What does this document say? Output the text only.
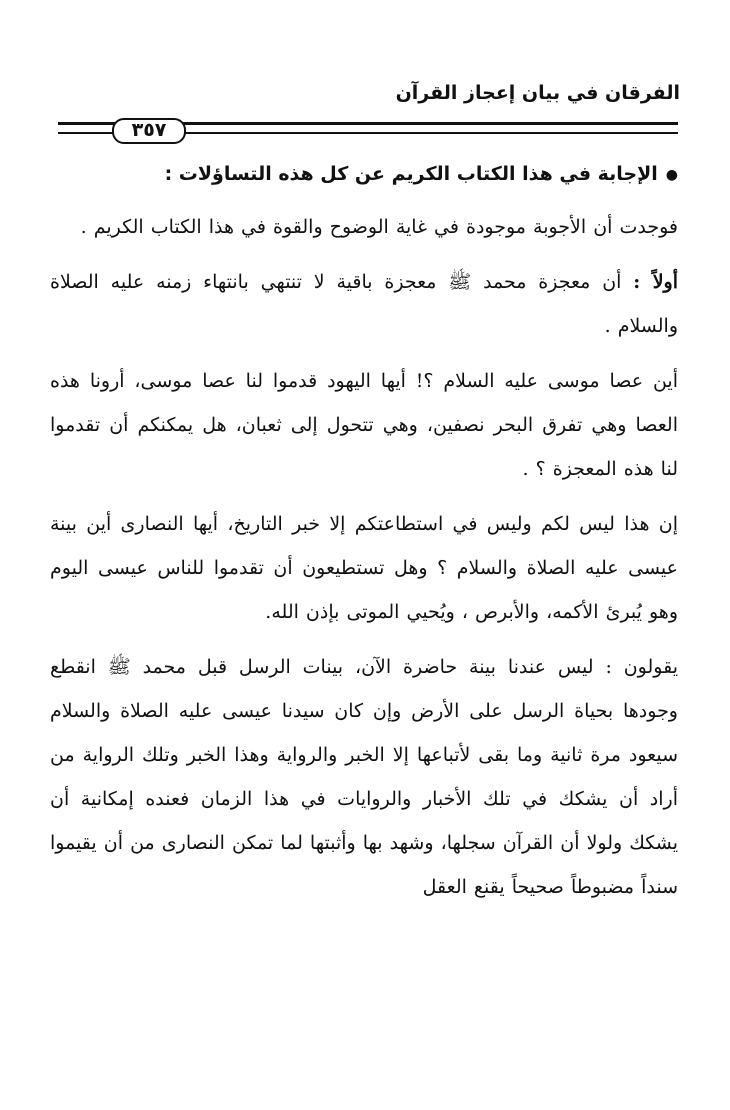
الفرقان في بيان إعجاز القرآن
٣٥٧
●الإجابة في هذا الكتاب الكريم عن كل هذه التساؤلات :

فوجدت أن الأجوبة موجودة في غاية الوضوح والقوة في هذا الكتاب الكريم .

أولاً : أن معجزة محمد ﷺ معجزة باقية لا تنتهي بانتهاء زمنه عليه الصلاة والسلام .

أين عصا موسى عليه السلام ؟! أيها اليهود قدموا لنا عصا موسى، أرونا هذه العصا وهي تفرق البحر نصفين، وهي تتحول إلى ثعبان، هل يمكنكم أن تقدموا لنا هذه المعجزة ؟ .

إن هذا ليس لكم وليس في استطاعتكم إلا خبر التاريخ، أيها النصارى أين بينة عيسى عليه الصلاة والسلام ؟ وهل تستطيعون أن تقدموا للناس عيسى اليوم وهو يُبرئ الأكمه، والأبرص ، ويُحيي الموتى بإذن الله.

يقولون : ليس عندنا بينة حاضرة الآن، بينات الرسل قبل محمد ﷺ انقطع وجودها بحياة الرسل على الأرض وإن كان سيدنا عيسى عليه الصلاة والسلام سيعود مرة ثانية وما بقى لأتباعها إلا الخبر والرواية وهذا الخبر وتلك الرواية من أراد أن يشكك في تلك الأخبار والروايات في هذا الزمان فعنده إمكانية أن يشكك ولولا أن القرآن سجلها، وشهد بها وأثبتها لما تمكن النصارى من أن يقيموا سنداً مضبوطاً صحيحاً يقنع العقل
